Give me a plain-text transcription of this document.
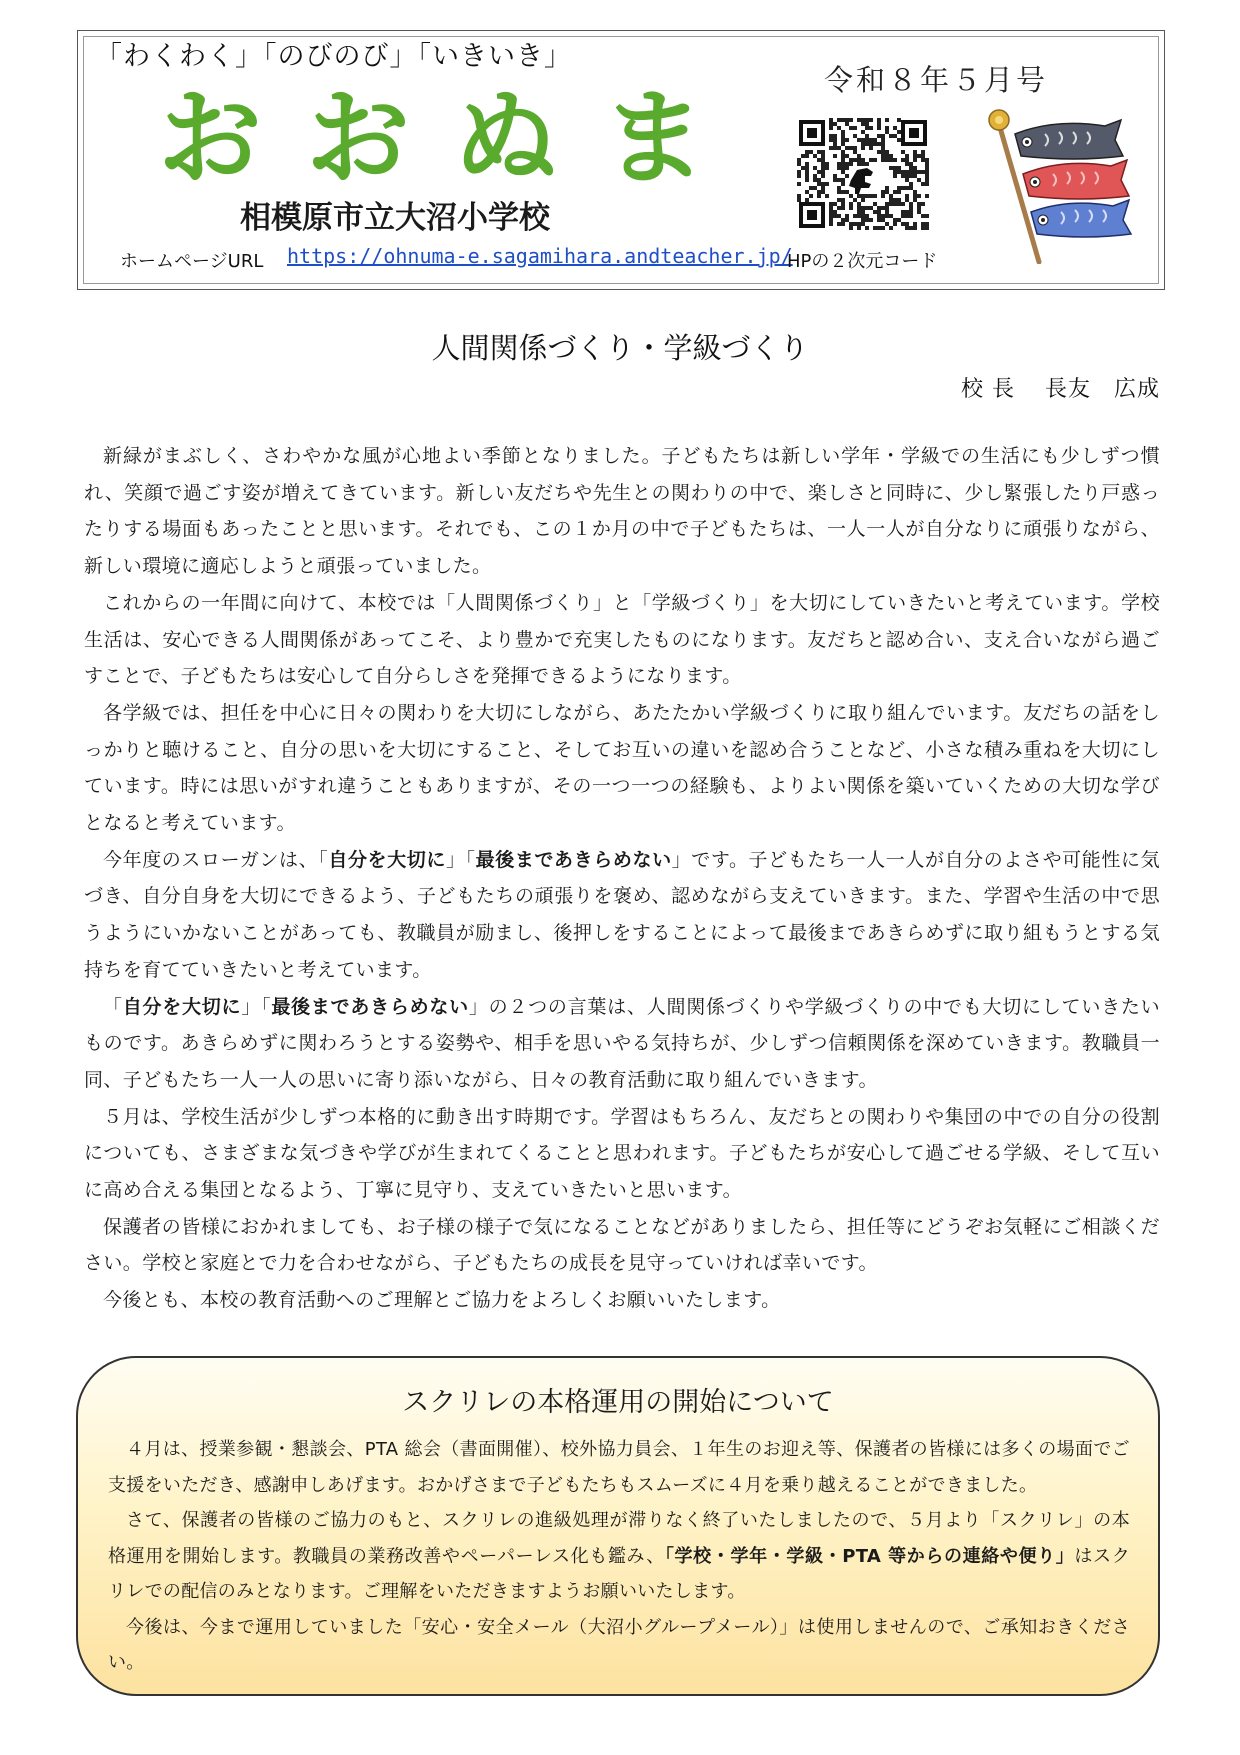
「わくわく」「のびのび」「いきいき」
おおぬま
相模原市立大沼小学校
ホームページURL https://ohnuma-e.sagamihara.andteacher.jp/
HPの２次元コード
令和８年５月号
人間関係づくり・学級づくり
校 長 長友　広成

新緑がまぶしく、さわやかな風が心地よい季節となりました。子どもたちは新しい学年・学級での生活にも少しずつ慣れ、笑顔で過ごす姿が増えてきています。新しい友だちや先生との関わりの中で、楽しさと同時に、少し緊張したり戸惑ったりする場面もあったことと思います。それでも、この１か月の中で子どもたちは、一人一人が自分なりに頑張りながら、新しい環境に適応しようと頑張っていました。

これからの一年間に向けて、本校では「人間関係づくり」と「学級づくり」を大切にしていきたいと考えています。学校生活は、安心できる人間関係があってこそ、より豊かで充実したものになります。友だちと認め合い、支え合いながら過ごすことで、子どもたちは安心して自分らしさを発揮できるようになります。

各学級では、担任を中心に日々の関わりを大切にしながら、あたたかい学級づくりに取り組んでいます。友だちの話をしっかりと聴けること、自分の思いを大切にすること、そしてお互いの違いを認め合うことなど、小さな積み重ねを大切にしています。時には思いがすれ違うこともありますが、その一つ一つの経験も、よりよい関係を築いていくための大切な学びとなると考えています。

今年度のスローガンは、「自分を大切に」「最後まであきらめない」です。子どもたち一人一人が自分のよさや可能性に気づき、自分自身を大切にできるよう、子どもたちの頑張りを褒め、認めながら支えていきます。また、学習や生活の中で思うようにいかないことがあっても、教職員が励まし、後押しをすることによって最後まであきらめずに取り組もうとする気持ちを育てていきたいと考えています。

「自分を大切に」「最後まであきらめない」の２つの言葉は、人間関係づくりや学級づくりの中でも大切にしていきたいものです。あきらめずに関わろうとする姿勢や、相手を思いやる気持ちが、少しずつ信頼関係を深めていきます。教職員一同、子どもたち一人一人の思いに寄り添いながら、日々の教育活動に取り組んでいきます。

５月は、学校生活が少しずつ本格的に動き出す時期です。学習はもちろん、友だちとの関わりや集団の中での自分の役割についても、さまざまな気づきや学びが生まれてくることと思われます。子どもたちが安心して過ごせる学級、そして互いに高め合える集団となるよう、丁寧に見守り、支えていきたいと思います。

保護者の皆様におかれましても、お子様の様子で気になることなどがありましたら、担任等にどうぞお気軽にご相談ください。学校と家庭とで力を合わせながら、子どもたちの成長を見守っていければ幸いです。

今後とも、本校の教育活動へのご理解とご協力をよろしくお願いいたします。

スクリレの本格運用の開始について

４月は、授業参観・懇談会、PTA 総会（書面開催）、校外協力員会、１年生のお迎え等、保護者の皆様には多くの場面でご支援をいただき、感謝申しあげます。おかげさまで子どもたちもスムーズに４月を乗り越えることができました。

さて、保護者の皆様のご協力のもと、スクリレの進級処理が滞りなく終了いたしましたので、５月より「スクリレ」の本格運用を開始します。教職員の業務改善やペーパーレス化も鑑み、「学校・学年・学級・PTA 等からの連絡や便り」はスクリレでの配信のみとなります。ご理解をいただきますようお願いいたします。

今後は、今まで運用していました「安心・安全メール（大沼小グループメール）」は使用しませんので、ご承知おきください。
